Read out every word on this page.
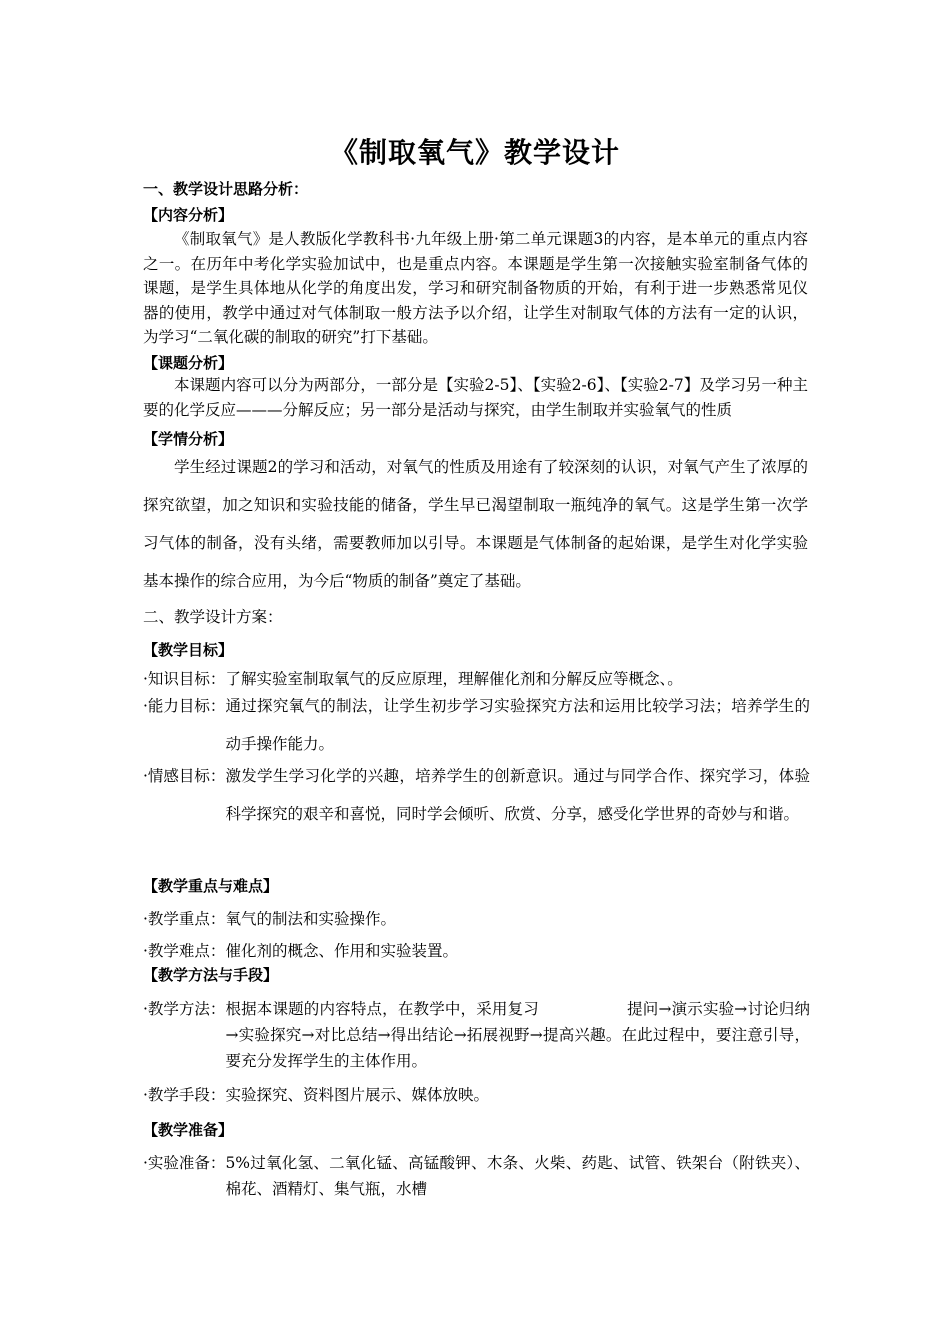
《制取氧气》教学设计
一、教学设计思路分析：
【内容分析】
《制取氧气》是人教版化学教科书·九年级上册·第二单元课题3的内容，是本单元的重点内容之一。在历年中考化学实验加试中，也是重点内容。本课题是学生第一次接触实验室制备气体的课题，是学生具体地从化学的角度出发，学习和研究制备物质的开始，有利于进一步熟悉常见仪器的使用，教学中通过对气体制取一般方法予以介绍，让学生对制取气体的方法有一定的认识，为学习“二氧化碳的制取的研究”打下基础。
【课题分析】
本课题内容可以分为两部分，一部分是【实验2-5】、【实验2-6】、【实验2-7】及学习另一种主要的化学反应———分解反应；另一部分是活动与探究，由学生制取并实验氧气的性质
【学情分析】
学生经过课题2的学习和活动，对氧气的性质及用途有了较深刻的认识，对氧气产生了浓厚的探究欲望，加之知识和实验技能的储备，学生早已渴望制取一瓶纯净的氧气。这是学生第一次学习气体的制备，没有头绪，需要教师加以引导。本课题是气体制备的起始课，是学生对化学实验基本操作的综合应用，为今后“物质的制备”奠定了基础。
二、教学设计方案：
【教学目标】
·知识目标： 了解实验室制取氧气的反应原理，理解催化剂和分解反应等概念、。
·能力目标： 通过探究氧气的制法，让学生初步学习实验探究方法和运用比较学习法；培养学生的动手操作能力。
·情感目标： 激发学生学习化学的兴趣，培养学生的创新意识。通过与同学合作、探究学习，体验科学探究的艰辛和喜悦，同时学会倾听、欣赏、分享，感受化学世界的奇妙与和谐。
【教学重点与难点】
·教学重点： 氧气的制法和实验操作。
·教学难点： 催化剂的概念、作用和实验装置。
【教学方法与手段】
·教学方法： 根据本课题的内容特点，在教学中，采用复习	提问→演示实验→讨论归纳→实验探究→对比总结→得出结论→拓展视野→提高兴趣。在此过程中，要注意引导，要充分发挥学生的主体作用。
·教学手段： 实验探究、资料图片展示、媒体放映。
【教学准备】
·实验准备： 5%过氧化氢、二氧化锰、高锰酸钾、木条、火柴、药匙、试管、铁架台（附铁夹）、棉花、酒精灯、集气瓶，水槽
